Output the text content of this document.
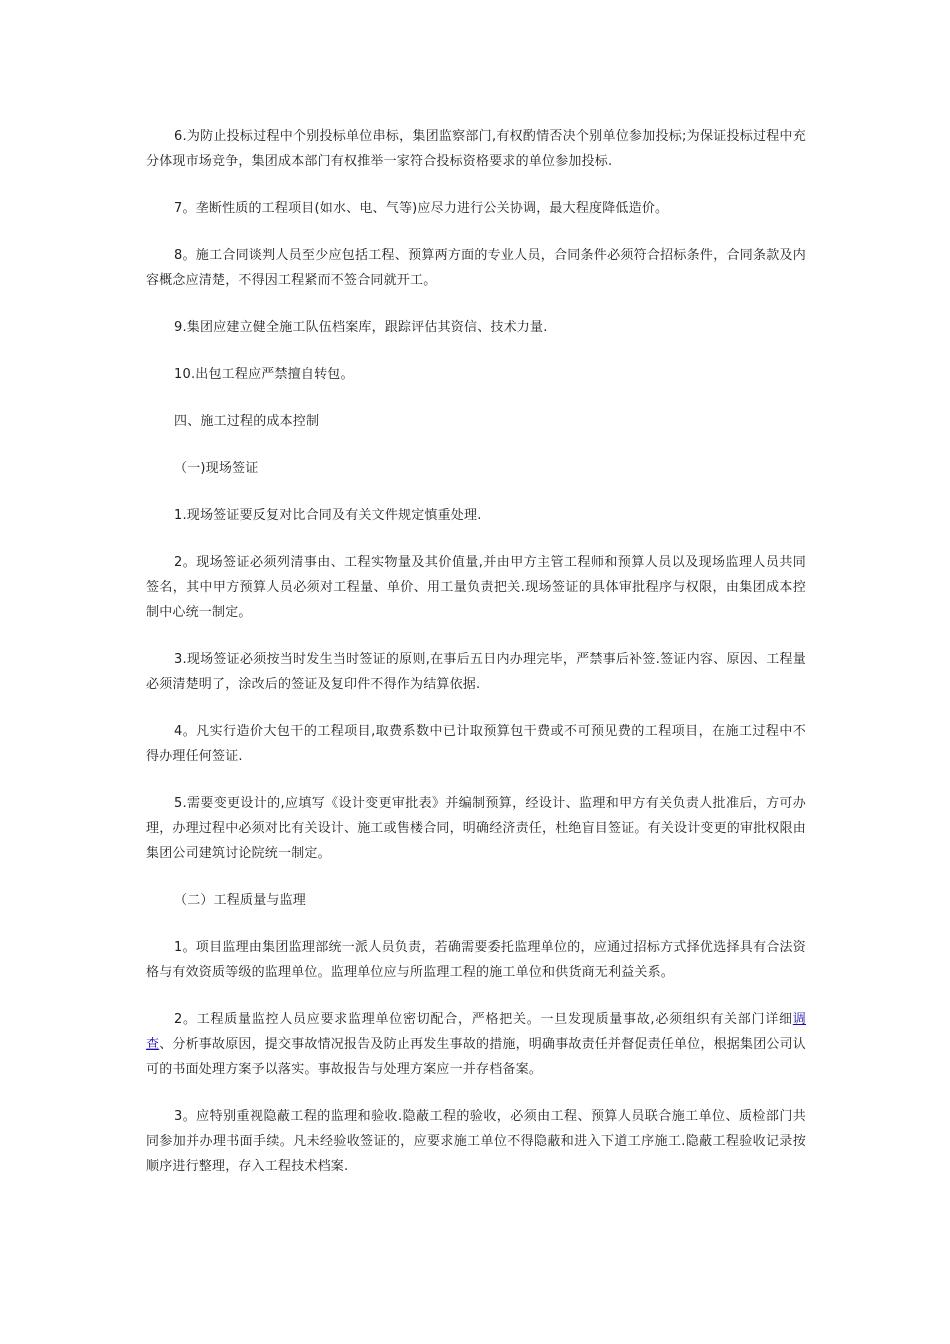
6.为防止投标过程中个别投标单位串标，集团监察部门,有权酌情否决个别单位参加投标;为保证投标过程中充分体现市场竞争，集团成本部门有权推举一家符合投标资格要求的单位参加投标.

7。垄断性质的工程项目(如水、电、气等)应尽力进行公关协调，最大程度降低造价。

8。施工合同谈判人员至少应包括工程、预算两方面的专业人员，合同条件必须符合招标条件，合同条款及内容概念应清楚，不得因工程紧而不签合同就开工。

9.集团应建立健全施工队伍档案库，跟踪评估其资信、技术力量.

10.出包工程应严禁擅自转包。

四、施工过程的成本控制

（一)现场签证

1.现场签证要反复对比合同及有关文件规定慎重处理.

2。现场签证必须列清事由、工程实物量及其价值量,并由甲方主管工程师和预算人员以及现场监理人员共同签名，其中甲方预算人员必须对工程量、单价、用工量负责把关.现场签证的具体审批程序与权限，由集团成本控制中心统一制定。

3.现场签证必须按当时发生当时签证的原则,在事后五日内办理完毕，严禁事后补签.签证内容、原因、工程量必须清楚明了，涂改后的签证及复印件不得作为结算依据.

4。凡实行造价大包干的工程项目,取费系数中已计取预算包干费或不可预见费的工程项目，在施工过程中不得办理任何签证.

5.需要变更设计的,应填写《设计变更审批表》并编制预算，经设计、监理和甲方有关负责人批准后，方可办理，办理过程中必须对比有关设计、施工或售楼合同，明确经济责任，杜绝盲目签证。有关设计变更的审批权限由集团公司建筑讨论院统一制定。

（二）工程质量与监理

1。项目监理由集团监理部统一派人员负责，若确需要委托监理单位的，应通过招标方式择优选择具有合法资格与有效资质等级的监理单位。监理单位应与所监理工程的施工单位和供货商无利益关系。

2。工程质量监控人员应要求监理单位密切配合，严格把关。一旦发现质量事故,必须组织有关部门详细调查、分析事故原因，提交事故情况报告及防止再发生事故的措施，明确事故责任并督促责任单位，根据集团公司认可的书面处理方案予以落实。事故报告与处理方案应一并存档备案。

3。应特别重视隐蔽工程的监理和验收.隐蔽工程的验收，必须由工程、预算人员联合施工单位、质检部门共同参加并办理书面手续。凡未经验收签证的，应要求施工单位不得隐蔽和进入下道工序施工.隐蔽工程验收记录按顺序进行整理，存入工程技术档案.
